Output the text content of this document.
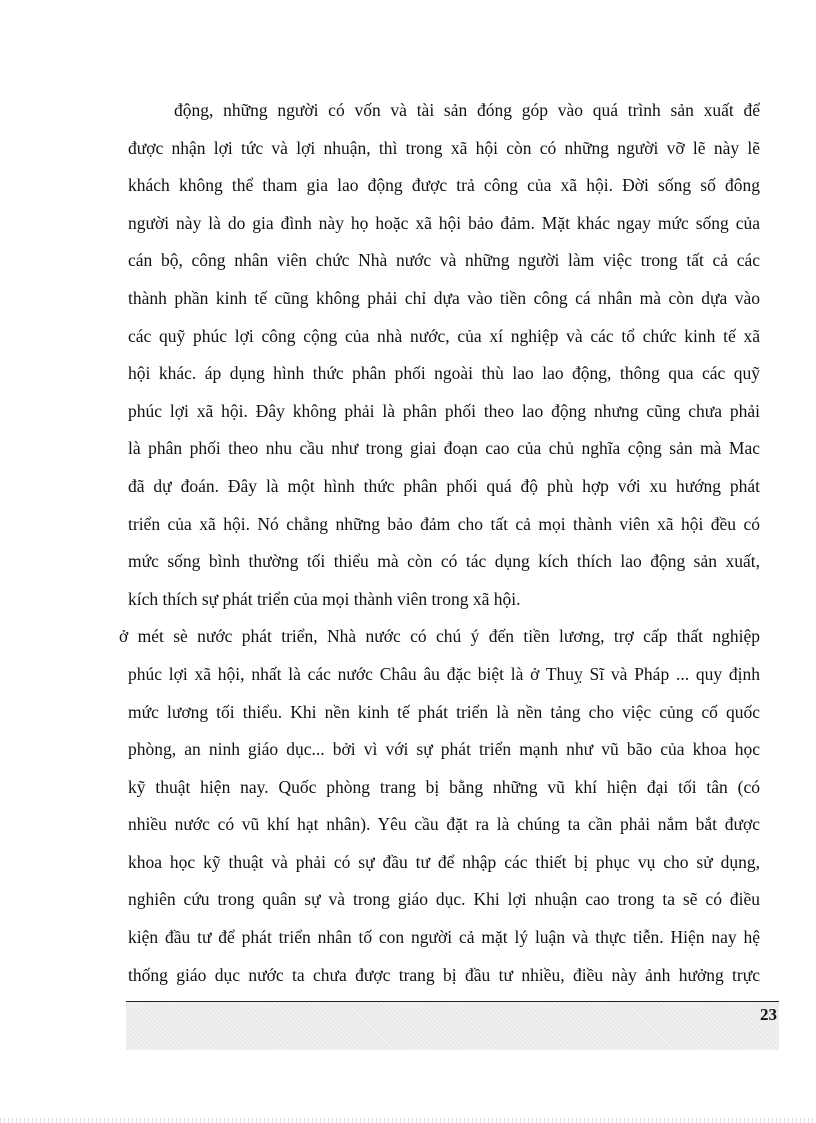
động, những người có vốn và tài sản đóng góp vào quá trình sản xuất để
được nhận lợi tức và lợi nhuận, thì trong xã hội còn có những người vỡ lẽ này lẽ
khách không thể tham gia lao động được trả công của xã hội. Đời sống số đông
người này là do gia đình này họ hoặc xã hội bảo đảm. Mặt khác ngay mức sống của
cán bộ, công nhân viên chức Nhà nước và những người làm việc trong tất cả các
thành phần kinh tế cũng không phải chỉ dựa vào tiền công cá nhân mà còn dựa vào
các quỹ phúc lợi công cộng của nhà nước, của xí nghiệp và các tổ chức kinh tế xã
hội khác. áp dụng hình thức phân phối ngoài thù lao lao động, thông qua các quỹ
phúc lợi xã hội. Đây không phải là phân phối theo lao động nhưng cũng chưa phải
là phân phối theo nhu cầu như trong giai đoạn cao của chủ nghĩa cộng sản mà Mac
đã dự đoán. Đây là một hình thức phân phối quá độ phù hợp với xu hướng phát
triển của xã hội. Nó chẳng những bảo đảm cho tất cả mọi thành viên xã hội đều có
mức sống bình thường tối thiểu mà còn có tác dụng kích thích lao động sản xuất,
kích thích sự phát triển của mọi thành viên trong xã hội.
ở mét sè nước phát triển, Nhà nước có chú ý đến tiền lương, trợ cấp thất nghiệp
phúc lợi xã hội, nhất là các nước Châu âu đặc biệt là ở Thuỵ Sĩ và Pháp ... quy định
mức lương tối thiểu. Khi nền kinh tế phát triển là nền tảng cho việc củng cố quốc
phòng, an ninh giáo dục... bởi vì với sự phát triển mạnh như vũ bão của khoa học
kỹ thuật hiện nay. Quốc phòng trang bị bằng những vũ khí hiện đại tối tân (có
nhiều nước có vũ khí hạt nhân). Yêu cầu đặt ra là chúng ta cần phải nắm bắt được
khoa học kỹ thuật và phải có sự đầu tư để nhập các thiết bị phục vụ cho sử dụng,
nghiên cứu trong quân sự và trong giáo dục. Khi lợi nhuận cao trong ta sẽ có điều
kiện đầu tư để phát triển nhân tố con người cả mặt lý luận và thực tiễn. Hiện nay hệ
thống giáo dục nước ta chưa được trang bị đầu tư nhiều, điều này ảnh hưởng trực
23
